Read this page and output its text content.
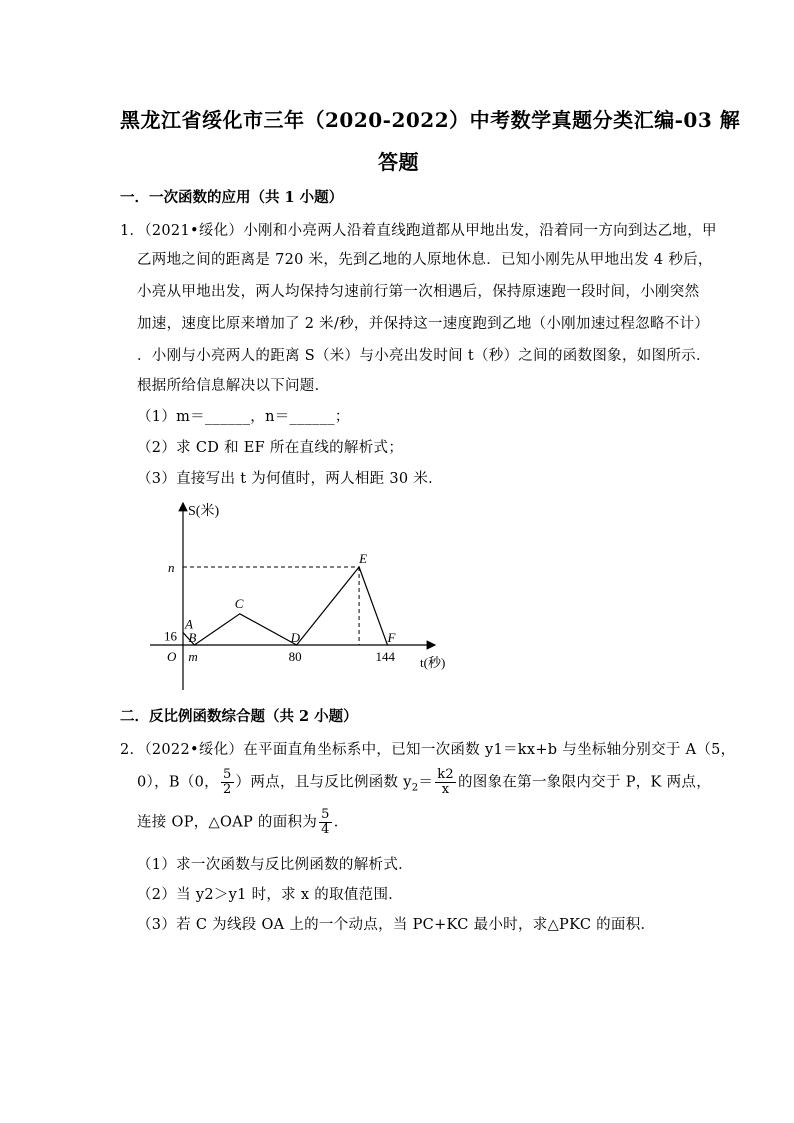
黑龙江省绥化市三年（2020-2022）中考数学真题分类汇编-03 解
答题
一．一次函数的应用（共 1 小题）
1．（2021•绥化）小刚和小亮两人沿着直线跑道都从甲地出发，沿着同一方向到达乙地，甲
乙两地之间的距离是 720 米，先到乙地的人原地休息．已知小刚先从甲地出发 4 秒后，
小亮从甲地出发，两人均保持匀速前行第一次相遇后，保持原速跑一段时间，小刚突然
加速，速度比原来增加了 2 米/秒，并保持这一速度跑到乙地（小刚加速过程忽略不计）
．小刚与小亮两人的距离 S（米）与小亮出发时间 t（秒）之间的函数图象，如图所示．
根据所给信息解决以下问题．
（1）m＝______，n＝______；
（2）求 CD 和 EF 所在直线的解析式；
（3）直接写出 t 为何值时，两人相距 30 米．
S(米)
t(秒)
O m	80	144
16
n
A
B
C
D
E
F
二．反比例函数综合题（共 2 小题）
2．（2022•绥化）在平面直角坐标系中，已知一次函数 y1＝kx+b 与坐标轴分别交于 A（5，
0），B（0， $\frac{5}{2}$ ）两点，且与反比例函数 $y_2= \frac{k2}{x}$ 的图象在第一象限内交于 P，K 两点，
连接 OP，△OAP 的面积为 $\frac{5}{4}$ ．
（1）求一次函数与反比例函数的解析式．
（2）当 y2＞y1 时，求 x 的取值范围．
（3）若 C 为线段 OA 上的一个动点，当 PC+KC 最小时，求△PKC 的面积．
